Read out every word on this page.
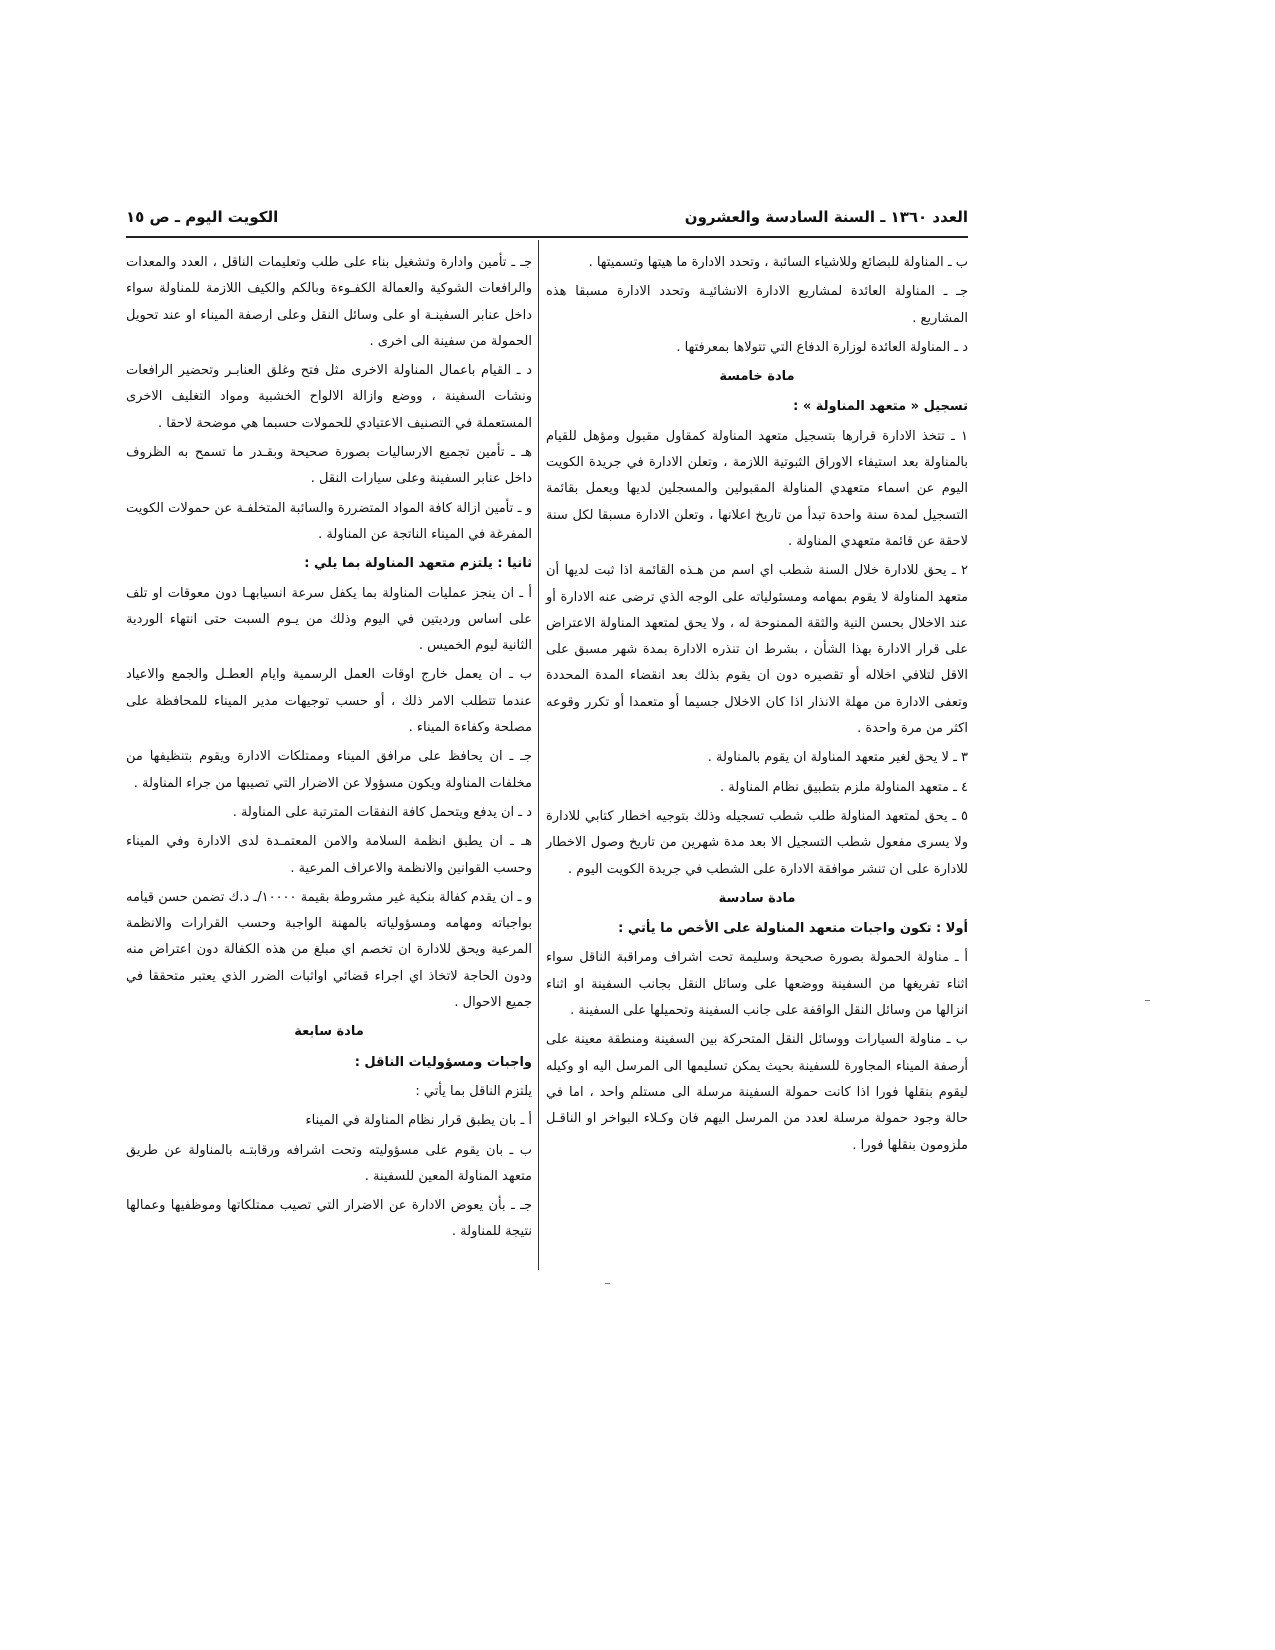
العدد ١٣٦٠ ـ السنة السادسة والعشرون
الكويت اليوم ـ ص ١٥

ب ـ المناولة للبضائع وللاشياء السائبة ، وتحدد الادارة ما هيتها وتسميتها .

جـ ـ المناولة العائدة لمشاريع الادارة الانشائيـة وتحدد الادارة مسبقا هذه المشاريع .

د ـ المناولة العائدة لوزارة الدفاع التي تتولاها بمعرفتها .

مادة خامسة

تسجيل « متعهد المناولة » :

١ ـ تتخذ الادارة قرارها بتسجيل متعهد المناولة كمقاول مقبول ومؤهل للقيام بالمناولة بعد استيفاء الاوراق الثبوتية اللازمة ، وتعلن الادارة في جريدة الكويت اليوم عن اسماء متعهدي المناولة المقبولين والمسجلين لديها ويعمل بقائمة التسجيل لمدة سنة واحدة تبدأ من تاريخ اعلانها ، وتعلن الادارة مسبقا لكل سنة لاحقة عن قائمة متعهدي المناولة .

٢ ـ يحق للادارة خلال السنة شطب اي اسم من هـذه القائمة اذا ثبت لديها أن متعهد المناولة لا يقوم بمهامه ومسئولياته على الوجه الذي ترضى عنه الادارة أو عند الاخلال بحسن النية والثقة الممنوحة له ، ولا يحق لمتعهد المناولة الاعتراض على قرار الادارة بهذا الشأن ، بشرط ان تنذره الادارة بمدة شهر مسبق على الاقل لتلافي اخلاله أو تقصيره دون ان يقوم بذلك بعد انقضاء المدة المحددة وتعفى الادارة من مهلة الانذار اذا كان الاخلال جسيما أو متعمدا أو تكرر وقوعه اكثر من مرة واحدة .

٣ ـ لا يحق لغير متعهد المناولة ان يقوم بالمناولة .

٤ ـ متعهد المناولة ملزم بتطبيق نظام المناولة .

٥ ـ يحق لمتعهد المناولة طلب شطب تسجيله وذلك بتوجيه اخطار كتابي للادارة ولا يسرى مفعول شطب التسجيل الا بعد مدة شهرين من تاريخ وصول الاخطار للادارة على ان تنشر موافقة الادارة على الشطب في جريدة الكويت اليوم .

مادة سادسة

أولا : تكون واجبات متعهد المناولة على الأخص ما يأتي :

أ ـ مناولة الحمولة بصورة صحيحة وسليمة تحت اشراف ومراقبة الناقل سواء اثناء تفريغها من السفينة ووضعها على وسائل النقل بجانب السفينة او اثناء انزالها من وسائل النقل الواقفة على جانب السفينة وتحميلها على السفينة .

ب ـ مناولة السيارات ووسائل النقل المتحركة بين السفينة ومنطقة معينة على أرصفة الميناء المجاورة للسفينة بحيث يمكن تسليمها الى المرسل اليه او وكيله ليقوم بنقلها فورا اذا كانت حمولة السفينة مرسلة الى مستلم واحد ، اما في حالة وجود حمولة مرسلة لعدد من المرسل اليهم فان وكـلاء البواخر او الناقـل ملزومون بنقلها فورا .

جـ ـ تأمين وادارة وتشغيل بناء على طلب وتعليمات الناقل ، العدد والمعدات والرافعات الشوكية والعمالة الكفـوءة وبالكم والكيف اللازمة للمناولة سواء داخل عنابر السفينـة او على وسائل النقل وعلى ارصفة الميناء او عند تحويل الحمولة من سفينة الى اخرى .

د ـ القيام باعمال المناولة الاخرى مثل فتح وغلق العنابـر وتحضير الرافعات ونشات السفينة ، ووضع وازالة الالواح الخشبية ومواد التغليف الاخرى المستعملة في التصنيف الاعتيادي للحمولات حسبما هي موضحة لاحقا .

هـ ـ تأمين تجميع الارساليات بصورة صحيحة وبقـدر ما تسمح به الظروف داخل عنابر السفينة وعلى سيارات النقل .

و ـ تأمين ازالة كافة المواد المتضررة والسائبة المتخلفـة عن حمولات الكويت المفرغة في الميناء الناتجة عن المناولة .

ثانيا : يلتزم متعهد المناولة بما يلي :

أ ـ ان ينجز عمليات المناولة بما يكفل سرعة انسيابهـا دون معوقات او تلف على اساس ورديتين في اليوم وذلك من يـوم السبت حتى انتهاء الوردية الثانية ليوم الخميس .

ب ـ ان يعمل خارج اوقات العمل الرسمية وايام العطـل والجمع والاعياد عندما تتطلب الامر ذلك ، أو حسب توجيهات مدير الميناء للمحافظة على مصلحة وكفاءة الميناء .

جـ ـ ان يحافظ على مرافق الميناء وممتلكات الادارة ويقوم بتنظيفها من مخلفات المناولة ويكون مسؤولا عن الاضرار التي تصيبها من جراء المناولة .

د ـ ان يدفع ويتحمل كافة النفقات المترتبة على المناولة .

هـ ـ ان يطبق انظمة السلامة والامن المعتمـدة لدى الادارة وفي الميناء وحسب القوانين والانظمة والاعراف المرعية .

و ـ ان يقدم كفالة بنكية غير مشروطة بقيمة ١٠٠٠٠/ـ د.ك تضمن حسن قيامه بواجباته ومهامه ومسؤولياته بالمهنة الواجبة وحسب القرارات والانظمة المرعية ويحق للادارة ان تخصم اي مبلغ من هذه الكفالة دون اعتراض منه ودون الحاجة لاتخاذ اي اجراء قضائي اواثبات الضرر الذي يعتبر متحققا في جميع الاحوال .

مادة سابعة

واجبات ومسؤوليات الناقل :

يلتزم الناقل بما يأتي :

أ ـ بان يطبق قرار نظام المناولة في الميناء

ب ـ بان يقوم على مسؤوليته وتحت اشرافه ورقابتـه بالمناولة عن طريق متعهد المناولة المعين للسفينة .

جـ ـ بأن يعوض الادارة عن الاضرار التي تصيب ممتلكاتها وموظفيها وعمالها نتيجة للمناولة .
